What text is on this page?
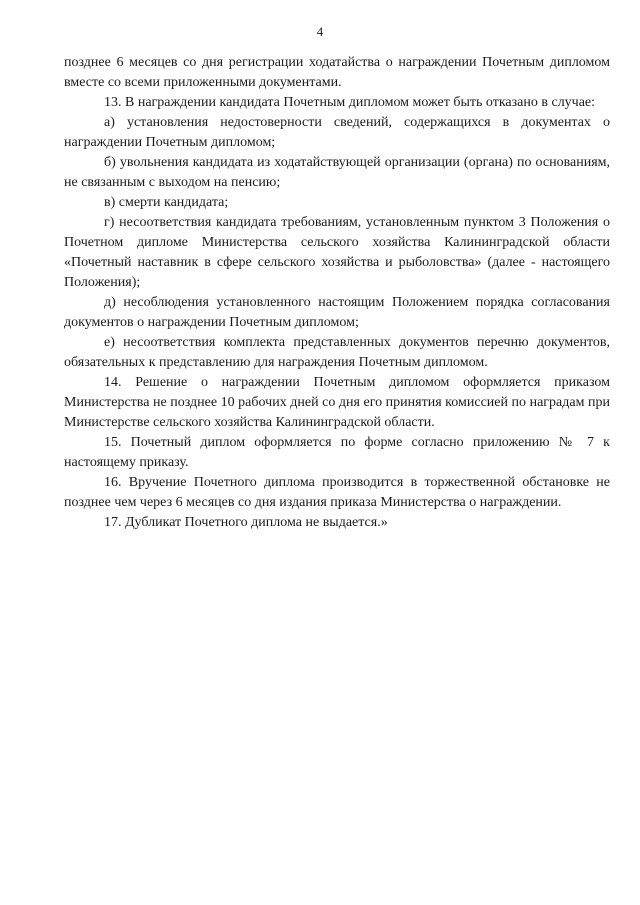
4

позднее 6 месяцев со дня регистрации ходатайства о награждении Почетным дипломом вместе со всеми приложенными документами.

13. В награждении кандидата Почетным дипломом может быть отказано в случае:

а) установления недостоверности сведений, содержащихся в документах о награждении Почетным дипломом;

б) увольнения кандидата из ходатайствующей организации (органа) по основаниям, не связанным с выходом на пенсию;

в) смерти кандидата;

г) несоответствия кандидата требованиям, установленным пунктом 3 Положения о Почетном дипломе Министерства сельского хозяйства Калининградской области «Почетный наставник в сфере сельского хозяйства и рыболовства» (далее - настоящего Положения);

д) несоблюдения установленного настоящим Положением порядка согласования документов о награждении Почетным дипломом;

е) несоответствия комплекта представленных документов перечню документов, обязательных к представлению для награждения Почетным дипломом.

14. Решение о награждении Почетным дипломом оформляется приказом Министерства не позднее 10 рабочих дней со дня его принятия комиссией по наградам при Министерстве сельского хозяйства Калининградской области.

15. Почетный диплом оформляется по форме согласно приложению № 7 к настоящему приказу.

16. Вручение Почетного диплома производится в торжественной обстановке не позднее чем через 6 месяцев со дня издания приказа Министерства о награждении.

17. Дубликат Почетного диплома не выдается.»
